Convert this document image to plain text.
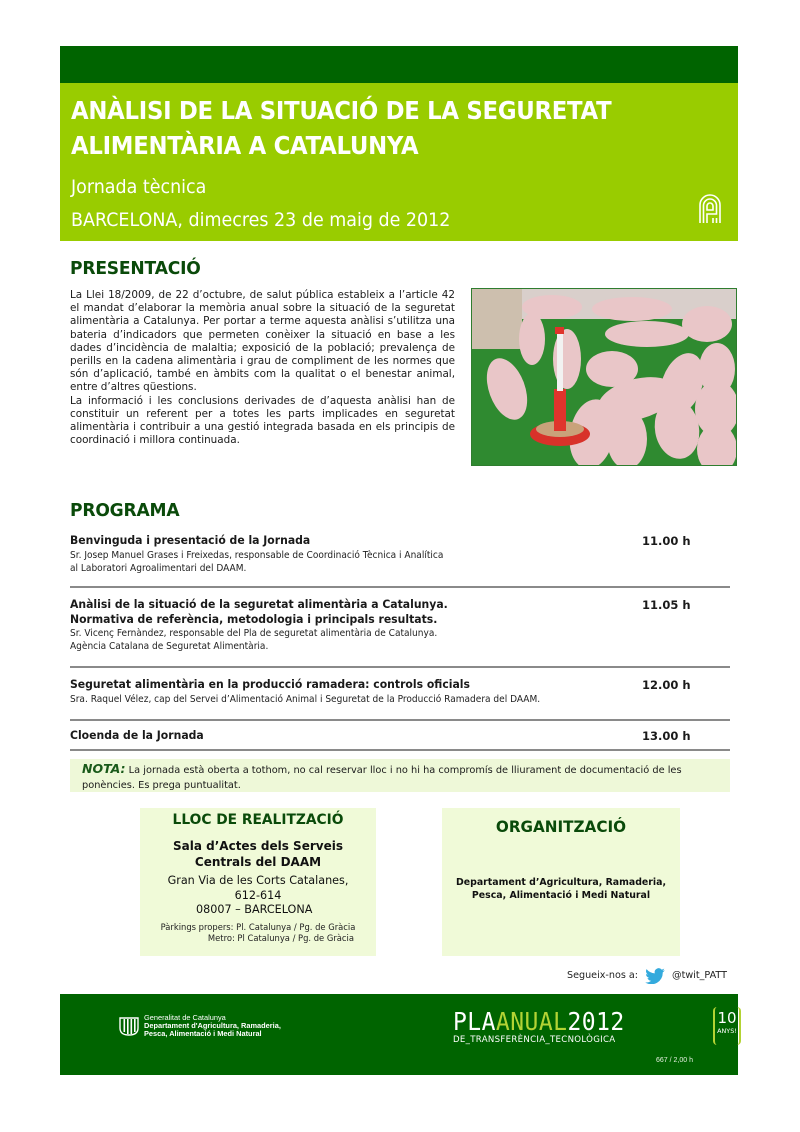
ANÀLISI DE LA SITUACIÓ DE LA SEGURETAT
ALIMENTÀRIA A CATALUNYA
Jornada tècnica
BARCELONA, dimecres 23 de maig de 2012
PRESENTACIÓ

La Llei 18/2009, de 22 d’octubre, de salut pública estableix a l’article 42 el mandat d’elaborar la memòria anual sobre la situació de la seguretat alimentària a Catalunya. Per portar a terme aquesta anàlisi s’utilitza una bateria d’indicadors que permeten conèixer la situació en base a les dades d’incidència de malaltia; exposició de la població; prevalença de perills en la cadena alimentària i grau de compliment de les normes que són d’aplicació, també en àmbits com la qualitat o el benestar animal, entre d’altres qüestions.

La informació i les conclusions derivades de d’aquesta anàlisi han de constituir un referent per a totes les parts implicades en seguretat alimentària i contribuir a una gestió integrada basada en els principis de coordinació i millora continuada.

PROGRAMA
Benvinguda i presentació de la Jornada
Sr. Josep Manuel Grases i Freixedas, responsable de Coordinació Tècnica i Analítica
al Laboratori Agroalimentari del DAAM.
11.00 h
Anàlisi de la situació de la seguretat alimentària a Catalunya.
Normativa de referència, metodologia i principals resultats.
Sr. Vicenç Fernàndez, responsable del Pla de seguretat alimentària de Catalunya.
Agència Catalana de Seguretat Alimentària.
11.05 h
Seguretat alimentària en la producció ramadera: controls oficials
Sra. Raquel Vélez, cap del Servei d’Alimentació Animal i Seguretat de la Producció Ramadera del DAAM.
12.00 h
Cloenda de la Jornada	13.00 h
NOTA: La jornada està oberta a tothom, no cal reservar lloc i no hi ha compromís de lliurament de documentació de les ponències. Es prega puntualitat.
LLOC DE REALITZACIÓ
Sala d’Actes dels Serveis
Centrals del DAAM
Gran Via de les Corts Catalanes,
612-614
08007 – BARCELONA
Pàrkings propers: Pl. Catalunya / Pg. de Gràcia
Metro: Pl Catalunya / Pg. de Gràcia
ORGANITZACIÓ
Departament d’Agricultura, Ramaderia,
Pesca, Alimentació i Medi Natural
Segueix-nos a:	@twit_PATT
Generalitat de Catalunya
Departament d'Agricultura, Ramaderia,
Pesca, Alimentació i Medi Natural	PLAANUAL2012
DE_TRANSFERÈNCIA_TECNOLÒGICA
10
ANYS!
667 / 2,00 h
